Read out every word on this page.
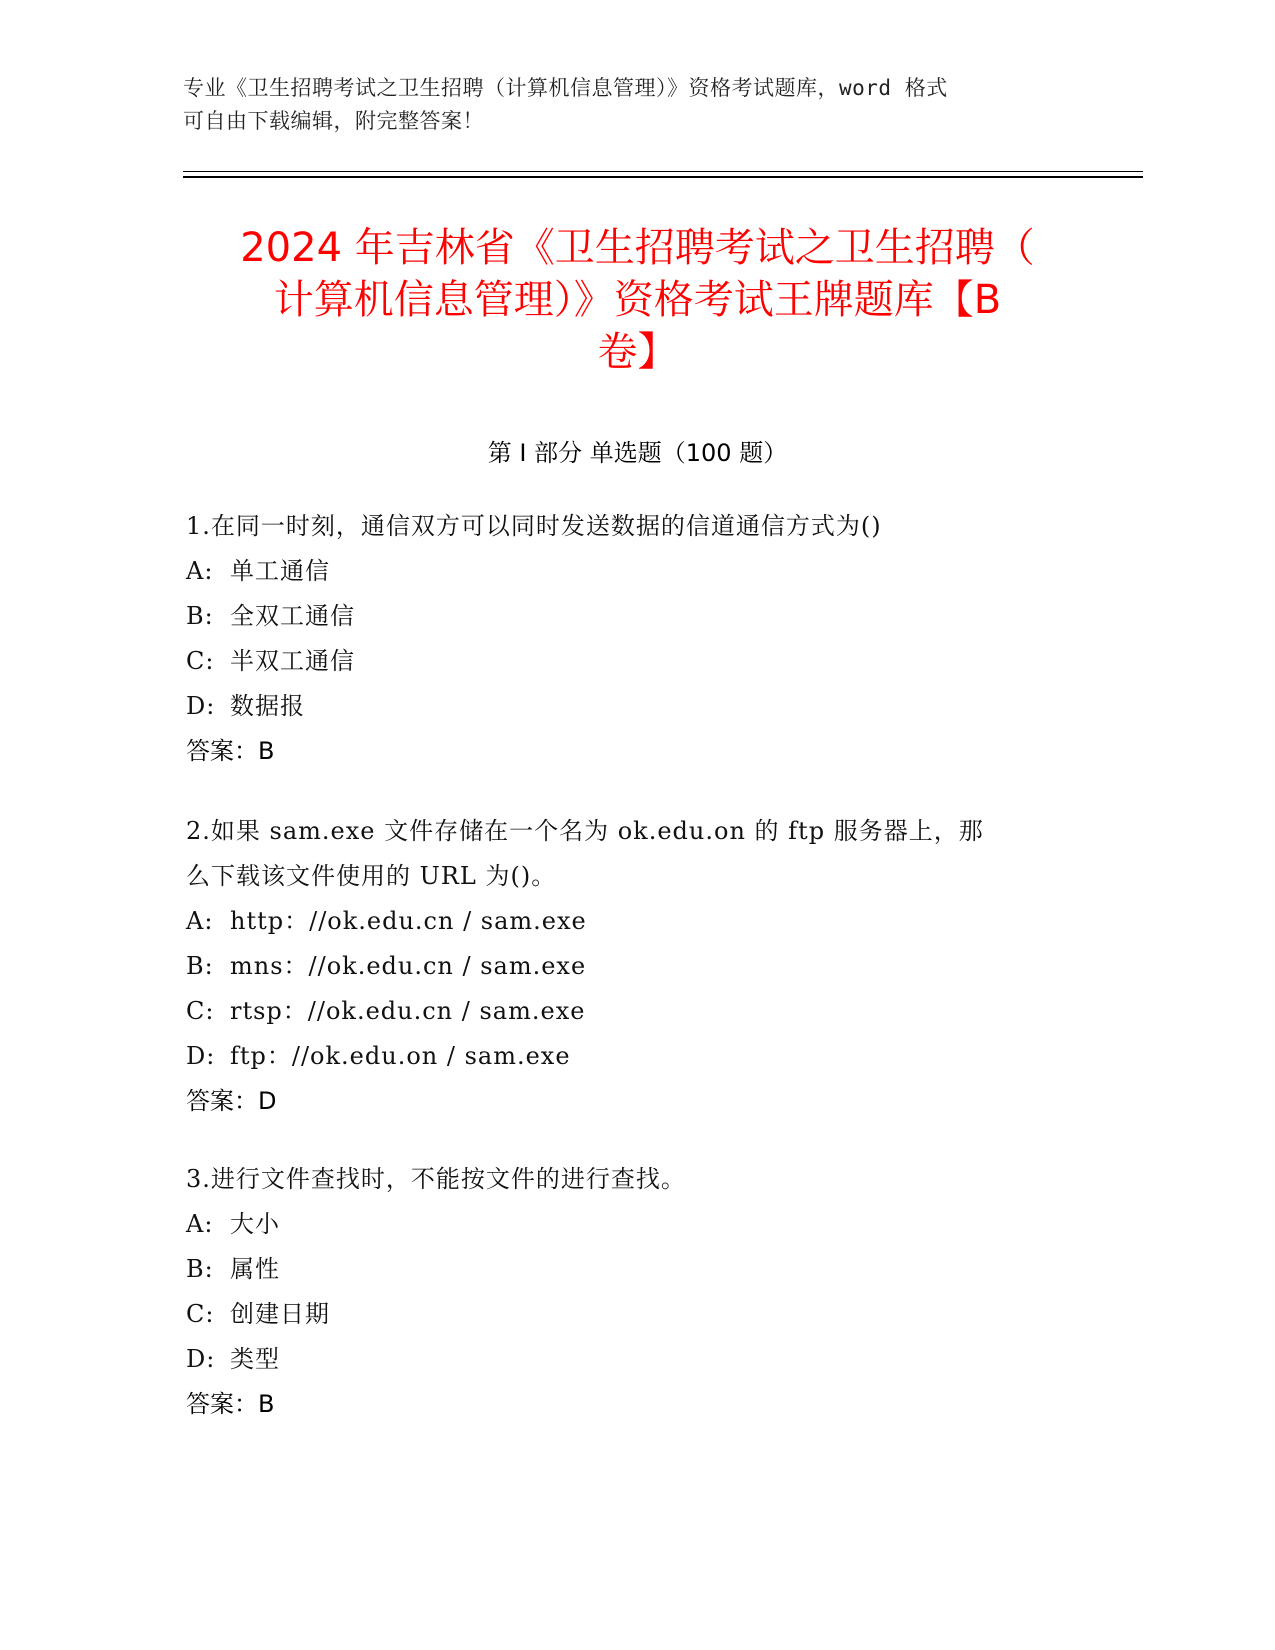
专业《卫生招聘考试之卫生招聘（计算机信息管理）》资格考试题库，word 格式
可自由下载编辑，附完整答案！
2024 年吉林省《卫生招聘考试之卫生招聘（
计算机信息管理）》资格考试王牌题库【B
卷】
第 I 部分 单选题（100 题）
1.在同一时刻，通信双方可以同时发送数据的信道通信方式为()
A: 单工通信
B: 全双工通信
C: 半双工通信
D: 数据报
答案：B
2.如果 sam.exe 文件存储在一个名为 ok.edu.on 的 ftp 服务器上，那
么下载该文件使用的 URL 为()。
A: http：//ok.edu.cn / sam.exe
B: mns：//ok.edu.cn / sam.exe
C: rtsp：//ok.edu.cn / sam.exe
D: ftp：//ok.edu.on / sam.exe
答案：D
3.进行文件查找时，不能按文件的进行查找。
A: 大小
B: 属性
C: 创建日期
D: 类型
答案：B
